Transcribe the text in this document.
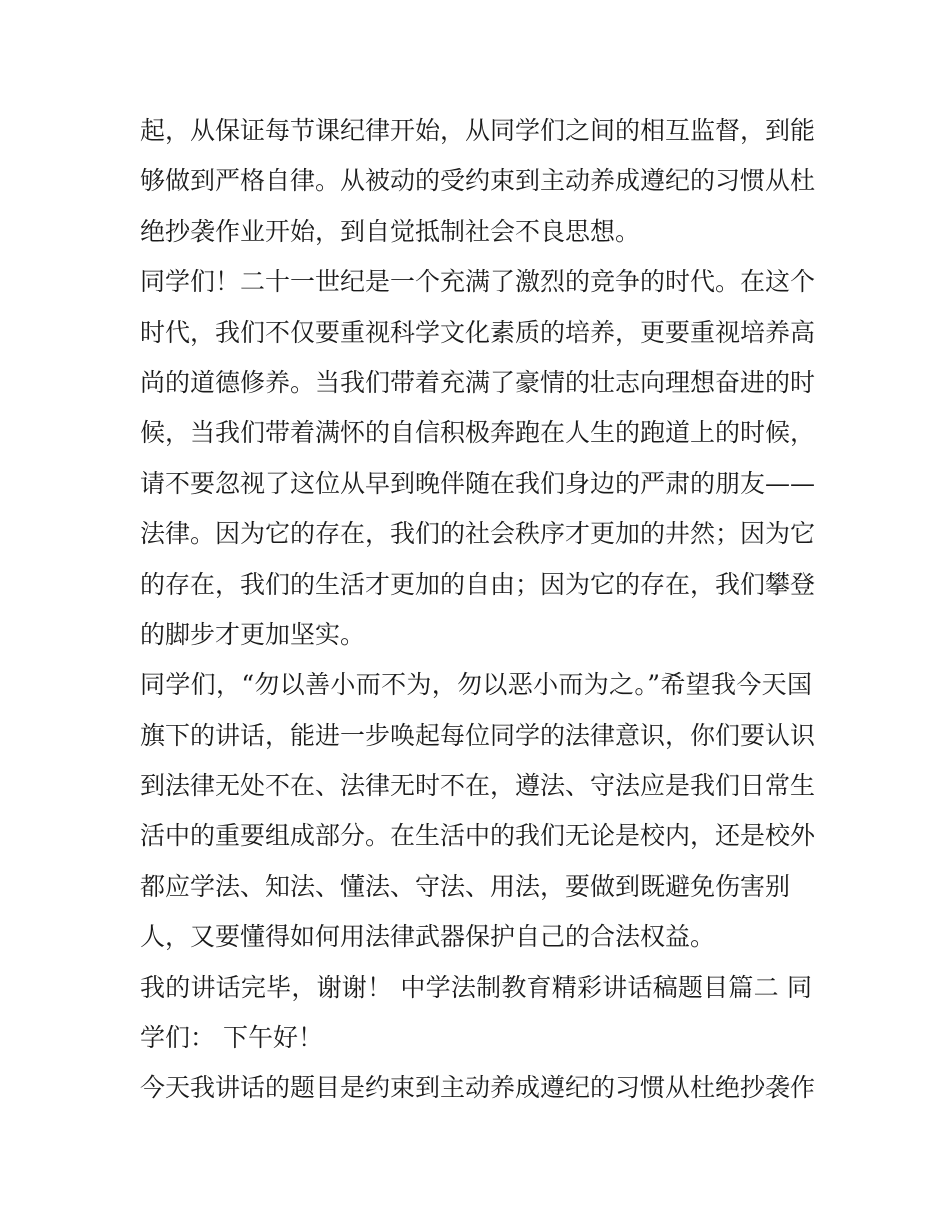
起，从保证每节课纪律开始，从同学们之间的相互监督，到能
够做到严格自律。从被动的受约束到主动养成遵纪的习惯从杜
绝抄袭作业开始，到自觉抵制社会不良思想。
同学们！二十一世纪是一个充满了激烈的竞争的时代。在这个
时代，我们不仅要重视科学文化素质的培养，更要重视培养高
尚的道德修养。当我们带着充满了豪情的壮志向理想奋进的时
候，当我们带着满怀的自信积极奔跑在人生的跑道上的时候，
请不要忽视了这位从早到晚伴随在我们身边的严肃的朋友——
法律。因为它的存在，我们的社会秩序才更加的井然；因为它
的存在，我们的生活才更加的自由；因为它的存在，我们攀登
的脚步才更加坚实。
同学们，“勿以善小而不为，勿以恶小而为之。”希望我今天国
旗下的讲话，能进一步唤起每位同学的法律意识，你们要认识
到法律无处不在、法律无时不在，遵法、守法应是我们日常生
活中的重要组成部分。在生活中的我们无论是校内，还是校外
都应学法、知法、懂法、守法、用法，要做到既避免伤害别
人，又要懂得如何用法律武器保护自己的合法权益。
我的讲话完毕，谢谢！ 中学法制教育精彩讲话稿题目篇二 同
学们： 下午好！
今天我讲话的题目是约束到主动养成遵纪的习惯从杜绝抄袭作
